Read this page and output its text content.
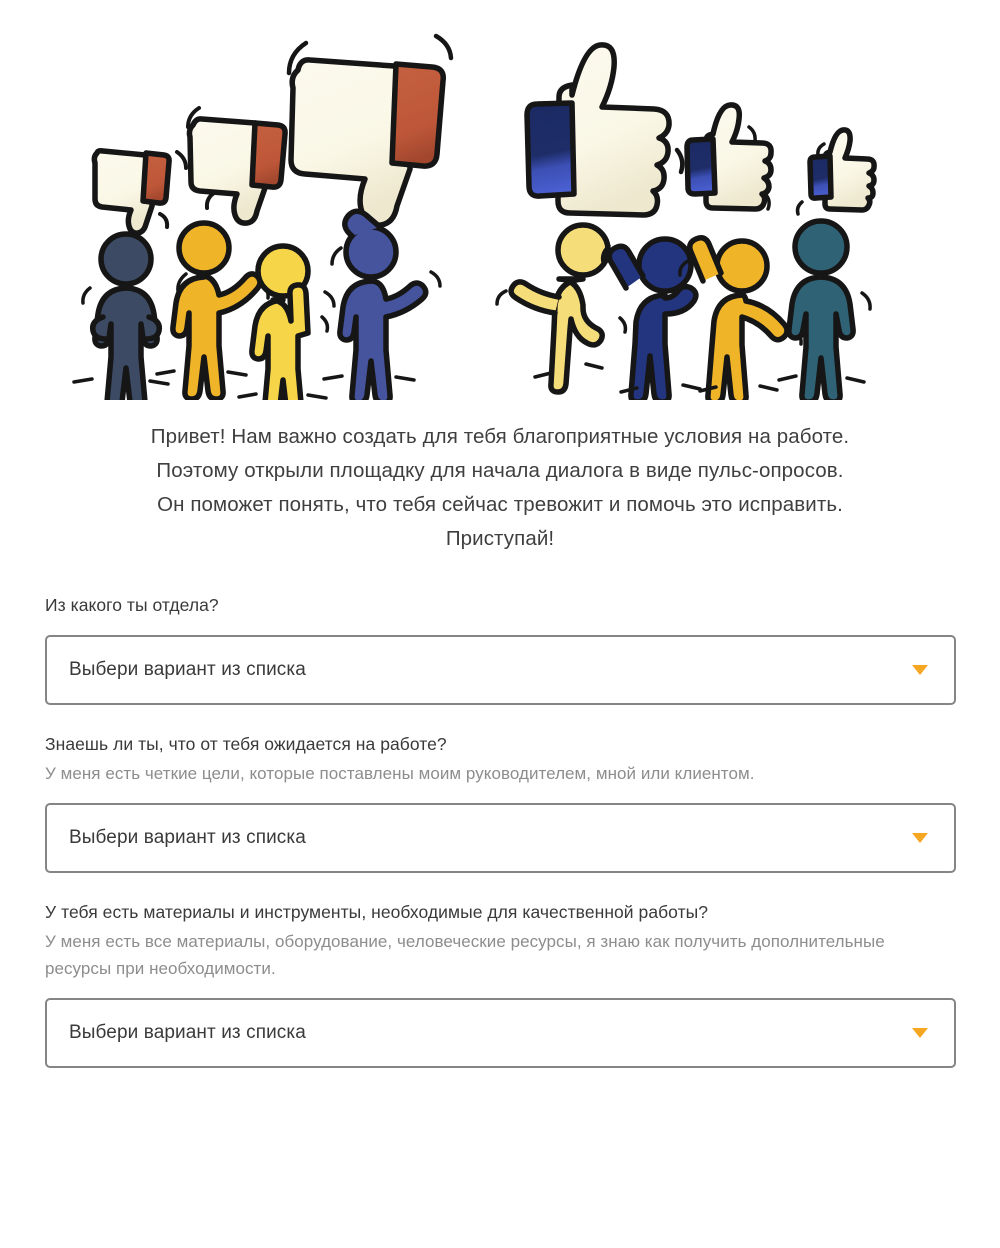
Привет! Нам важно создать для тебя благоприятные условия на работе.
Поэтому открыли площадку для начала диалога в виде пульс-опросов.
Он поможет понять, что тебя сейчас тревожит и помочь это исправить.
Приступай!

Из какого ты отдела?
Выбери вариант из списка
Знаешь ли ты, что от тебя ожидается на работе?
У меня есть четкие цели, которые поставлены моим руководителем, мной или клиентом.
Выбери вариант из списка
У тебя есть материалы и инструменты, необходимые для качественной работы?
У меня есть все материалы, оборудование, человеческие ресурсы, я знаю как получить дополнительные ресурсы при необходимости.
Выбери вариант из списка
